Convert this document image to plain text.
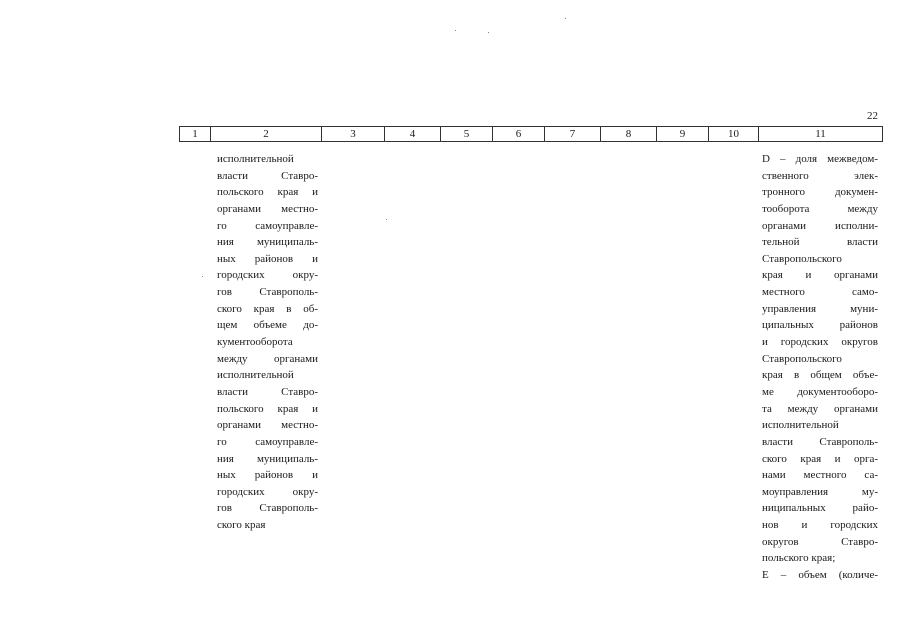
22
1	2	3	4	5	6	7	8	9	10	11
исполнительной
власти Ставро-
польского края и
органами местно-
го самоуправле-
ния муниципаль-
ных районов и
городских окру-
гов Ставрополь-
ского края в об-
щем объеме до-
кументооборота
между органами
исполнительной
власти Ставро-
польского края и
органами местно-
го самоуправле-
ния муниципаль-
ных районов и
городских окру-
гов Ставрополь-
ского края
D – доля межведом-
ственного элек-
тронного докумен-
тооборота между
органами исполни-
тельной власти
Ставропольского
края и органами
местного само-
управления муни-
ципальных районов
и городских округов
Ставропольского
края в общем объе-
ме документооборо-
та между органами
исполнительной
власти Ставрополь-
ского края и орга-
нами местного са-
моуправления му-
ниципальных райо-
нов и городских
округов Ставро-
польского края;
E – объем (количе-
